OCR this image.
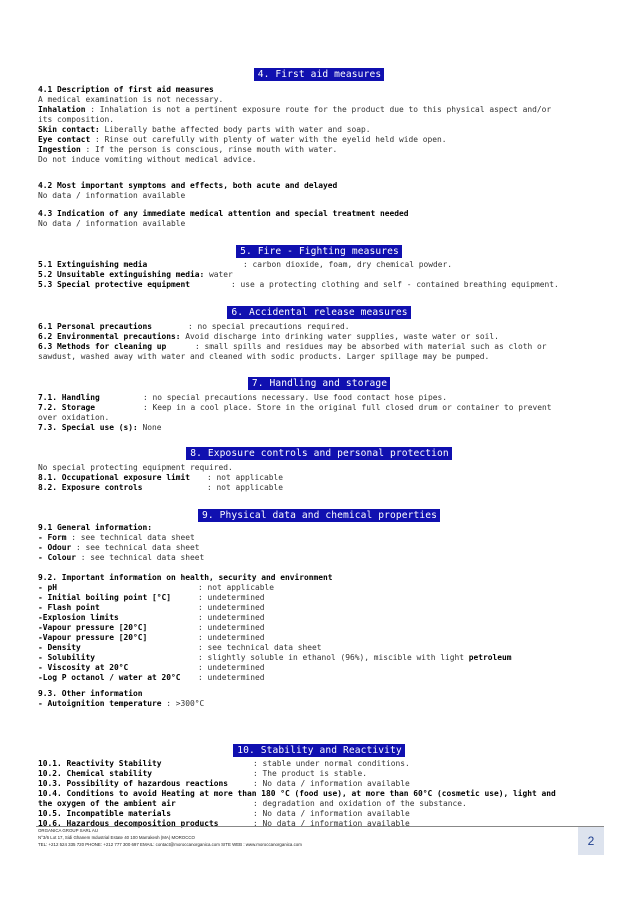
4. First aid measures
4.1 Description of first aid measures
A medical examination is not necessary.
Inhalation : Inhalation is not a pertinent exposure route for the product due to this physical aspect and/or
its composition.
Skin contact: Liberally bathe affected body parts with water and soap.
Eye contact : Rinse out carefully with plenty of water with the eyelid held wide open.
Ingestion : If the person is conscious, rinse mouth with water.
Do not induce vomiting without medical advice.
4.2 Most important symptoms and effects, both acute and delayed
No data / information available
4.3 Indication of any immediate medical attention and special treatment needed
No data / information available
5. Fire - Fighting measures
5.1 Extinguishing media	: carbon dioxide, foam, dry chemical powder.
5.2 Unsuitable extinguishing media: water
5.3 Special protective equipment	: use a protecting clothing and self - contained breathing equipment.
6. Accidental release measures
6.1 Personal precautions	: no special precautions required.
6.2 Environmental precautions: Avoid discharge into drinking water supplies, waste water or soil.
6.3 Methods for cleaning up	: small spills and residues may be absorbed with material such as cloth or
sawdust, washed away with water and cleaned with sodic products. Larger spillage may be pumped.
7. Handling and storage
7.1. Handling	: no special precautions necessary. Use food contact hose pipes.
7.2. Storage	: Keep in a cool place. Store in the original full closed drum or container to prevent
over oxidation.
7.3. Special use (s): None
8. Exposure controls and personal protection
No special protecting equipment required.
8.1. Occupational exposure limit : not applicable
8.2. Exposure controls	: not applicable
9. Physical data and chemical properties
9.1 General information:
- Form : see technical data sheet
- Odour : see technical data sheet
- Colour : see technical data sheet
9.2. Important information on health, security and environment
- pH	: not applicable
- Initial boiling point [°C]	: undetermined
- Flash point	: undetermined
-Explosion limits	: undetermined
-Vapour pressure [20°C]	: undetermined
-Vapour pressure [20°C]	: undetermined
- Density	: see technical data sheet
- Solubility	: slightly soluble in ethanol (96%), miscible with light petroleum
- Viscosity at 20°C	: undetermined
-Log P octanol / water at 20°C : undetermined
9.3. Other information
- Autoignition temperature : >300°C
10. Stability and Reactivity
10.1. Reactivity Stability	: stable under normal conditions.
10.2. Chemical stability	: The product is stable.
10.3. Possibility of hazardous reactions	: No data / information available
10.4. Conditions to avoid Heating at more than 180 °C (food use), at more than 60°C (cosmetic use), light and
the oxygen of the ambient air	: degradation and oxidation of the substance.
10.5. Incompatible materials	: No data / information available
10.6. Hazardous decomposition products	: No data / information available
ORGANICA GROUP SARL AU
N°3/6 Lot 17, Sidi Ghanem Industrial Estate 40 100 Marrakesh (MA) MOROCCO
TEL: +212 524 335 720 PHONE: +212 777 300 697 EMAIL: contact@moroccanorganica.com SITE WEB : www.moroccanorganica.com	2
